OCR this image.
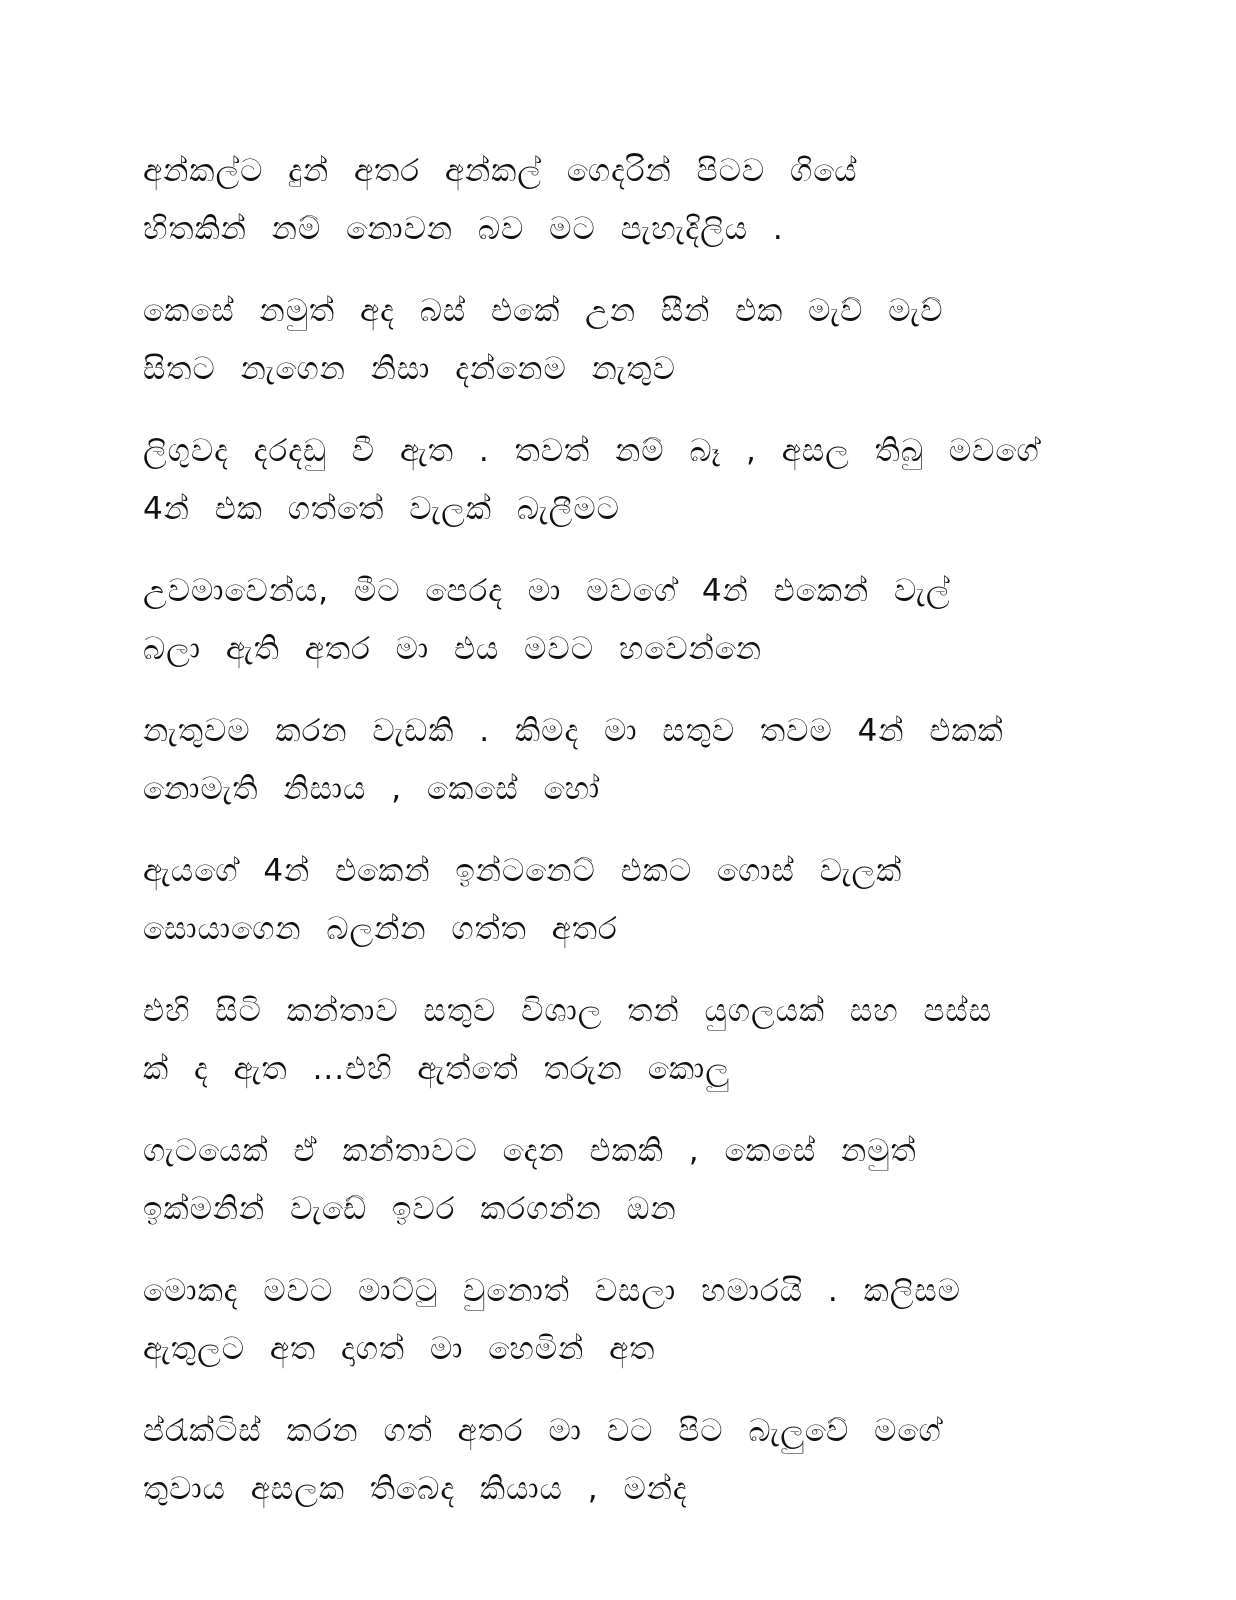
අන්කල්ට දුන් අතර අන්කල් ගෙදරින් පිටව ගියේ
හිතකින් නම් නොවන බව මට පැහැදිලිය .

කෙසේ නමුත් අද බස් එකේ උන සීන් එක මැව් මැව්
සිතට නැගෙන නිසා දන්නෙම නැතුව

ලිගුවද දරදඩු වී ඇත . තවත් නම් බෑ , අසල තිබු මවගේ
4න් එක ගත්තේ වැලක් බැලීමට

උවමාවෙන්ය, මීට පෙරද මා මවගේ 4න් එකෙන් වැල්
බලා ඇති අතර මා එය මවට හවෙන්නෙ

නැතුවම කරන වැඩකි . කිමද මා සතුව තවම 4න් එකක්
නොමැති නිසාය , කෙසේ හෝ

ඇයගේ 4න් එකෙන් ඉන්ටනෙට් එකට ගොස් වැලක්
සොයාගෙන බලන්න ගත්ත අතර

එහි සිටි කන්තාව සතුව විශාල තන් යුගලයක් සහ පස්ස
ක් ද ඇත ...එහි ඇත්තේ තරුන කොලු

ගැටයෙක් ඒ කන්තාවට දෙන එකකි , කෙසේ නමුත්
ඉක්මනින් වැඩේ ඉවර කරගන්න ඔන

මොකද මවට මාට්ටු වුනොත් වසලා හමාරයි . කලිසම
ඇතුලට අත දාගත් මා හෙමින් අත

ප්රැක්ටිස් කරන ගත් අතර මා වට පිට බැලුවේ මගේ
තුවාය අසලක තිබෙද කියාය , මන්ද
